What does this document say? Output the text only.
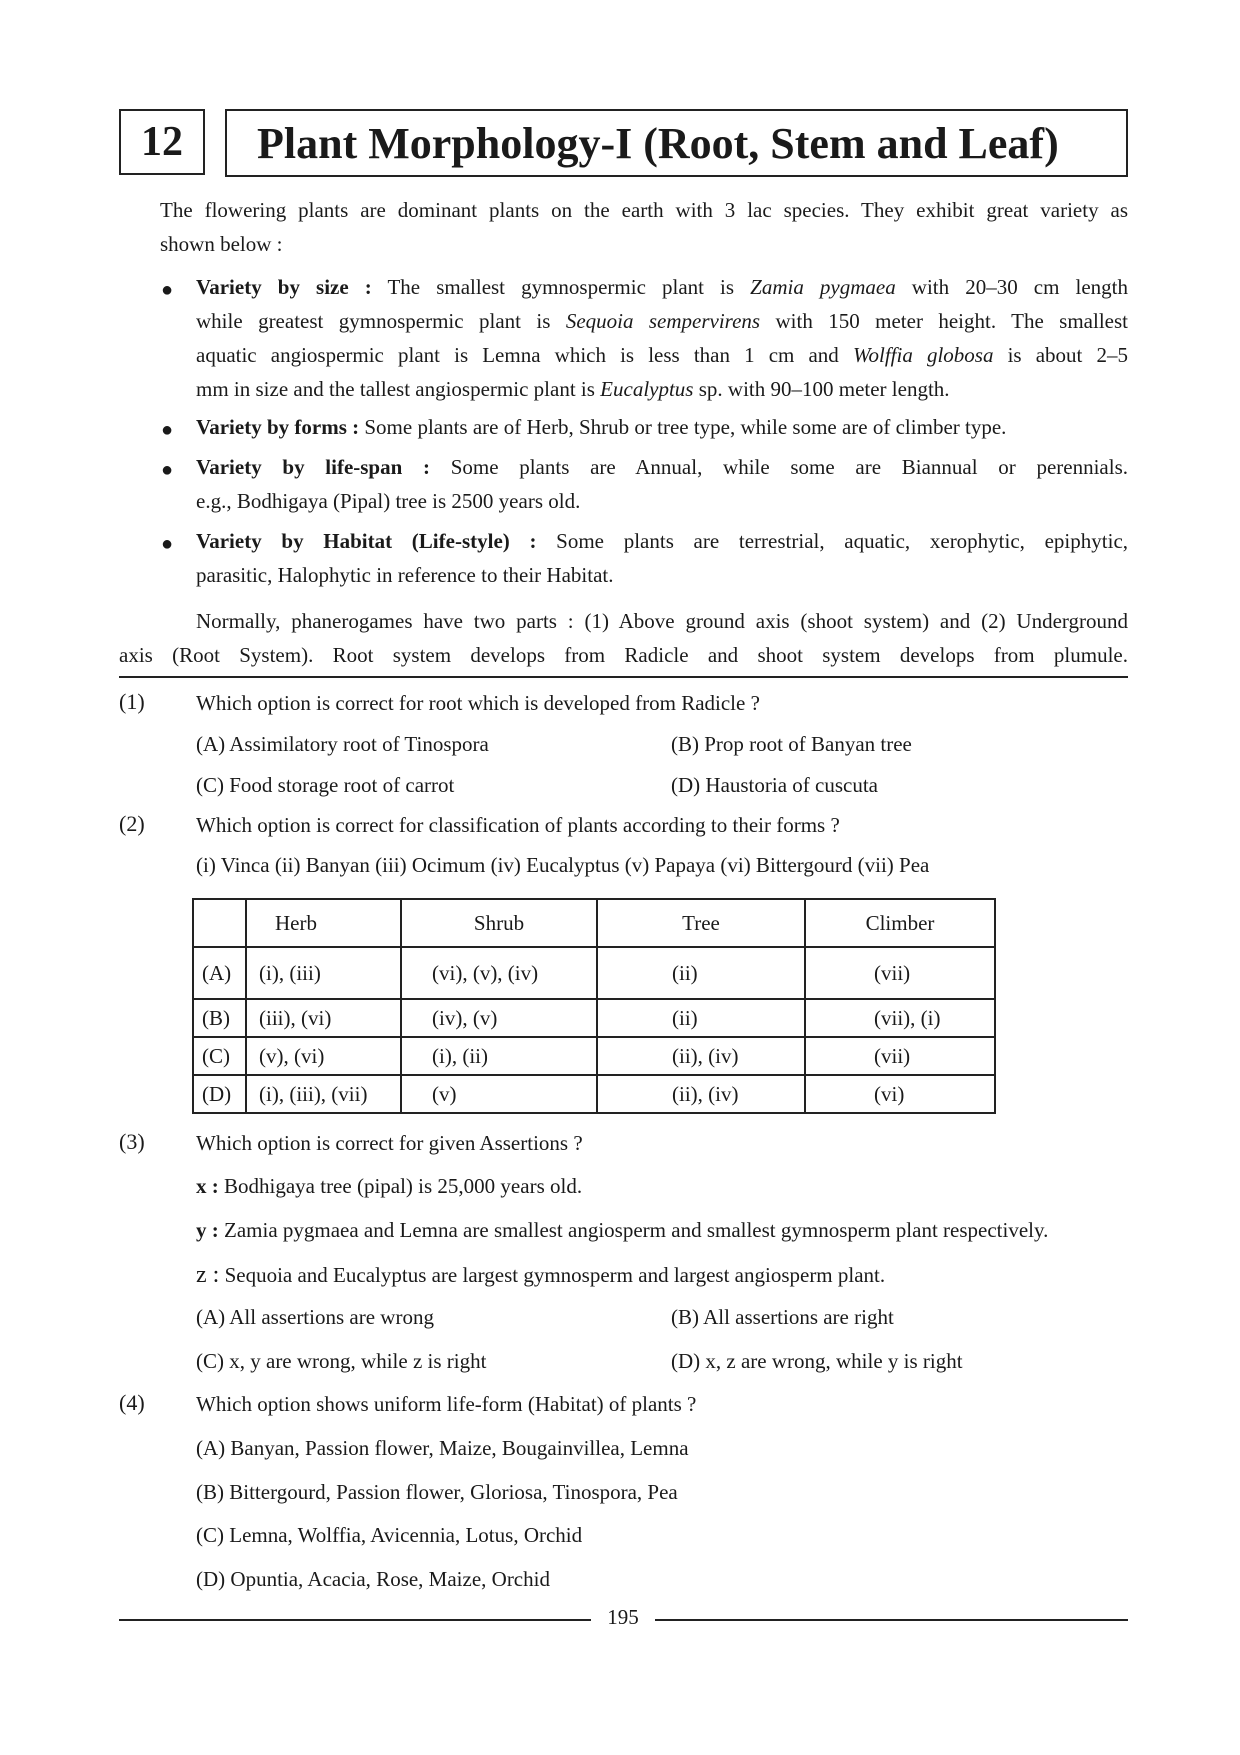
12	Plant Morphology-I (Root, Stem and Leaf)
The flowering plants are dominant plants on the earth with 3 lac species. They exhibit great variety as
shown below :
● Variety by size : The smallest gymnospermic plant is Zamia pygmaea with 20–30 cm length
while greatest gymnospermic plant is Sequoia sempervirens with 150 meter height. The smallest
aquatic angiospermic plant is Lemna which is less than 1 cm and Wolffia globosa is about 2–5
mm in size and the tallest angiospermic plant is Eucalyptus sp. with 90–100 meter length.
● Variety by forms : Some plants are of Herb, Shrub or tree type, while some are of climber type.
● Variety by life-span : Some plants are Annual, while some are Biannual or perennials.
e.g., Bodhigaya (Pipal) tree is 2500 years old.
● Variety by Habitat (Life-style) : Some plants are terrestrial, aquatic, xerophytic, epiphytic,
parasitic, Halophytic in reference to their Habitat.
Normally, phanerogames have two parts : (1) Above ground axis (shoot system) and (2) Underground
axis (Root System). Root system develops from Radicle and shoot system develops from plumule.
(1) Which option is correct for root which is developed from Radicle ?
(A) Assimilatory root of Tinospora	(B) Prop root of Banyan tree
(C) Food storage root of carrot	(D) Haustoria of cuscuta
(2) Which option is correct for classification of plants according to their forms ?
(i) Vinca (ii) Banyan (iii) Ocimum (iv) Eucalyptus (v) Papaya (vi) Bittergourd (vii) Pea
	Herb	Shrub	Tree	Climber
(A)	(i), (iii)	(vi), (v), (iv)	(ii)	(vii)
(B)	(iii), (vi)	(iv), (v)	(ii)	(vii), (i)
(C)	(v), (vi)	(i), (ii)	(ii), (iv)	(vii)
(D)	(i), (iii), (vii)	(v)	(ii), (iv)	(vi)
(3) Which option is correct for given Assertions ?
x : Bodhigaya tree (pipal) is 25,000 years old.
y : Zamia pygmaea and Lemna are smallest angiosperm and smallest gymnosperm plant respectively.
z : Sequoia and Eucalyptus are largest gymnosperm and largest angiosperm plant.
(A) All assertions are wrong	(B) All assertions are right
(C) x, y are wrong, while z is right	(D) x, z are wrong, while y is right
(4) Which option shows uniform life-form (Habitat) of plants ?
(A) Banyan, Passion flower, Maize, Bougainvillea, Lemna
(B) Bittergourd, Passion flower, Gloriosa, Tinospora, Pea
(C) Lemna, Wolffia, Avicennia, Lotus, Orchid
(D) Opuntia, Acacia, Rose, Maize, Orchid
195
